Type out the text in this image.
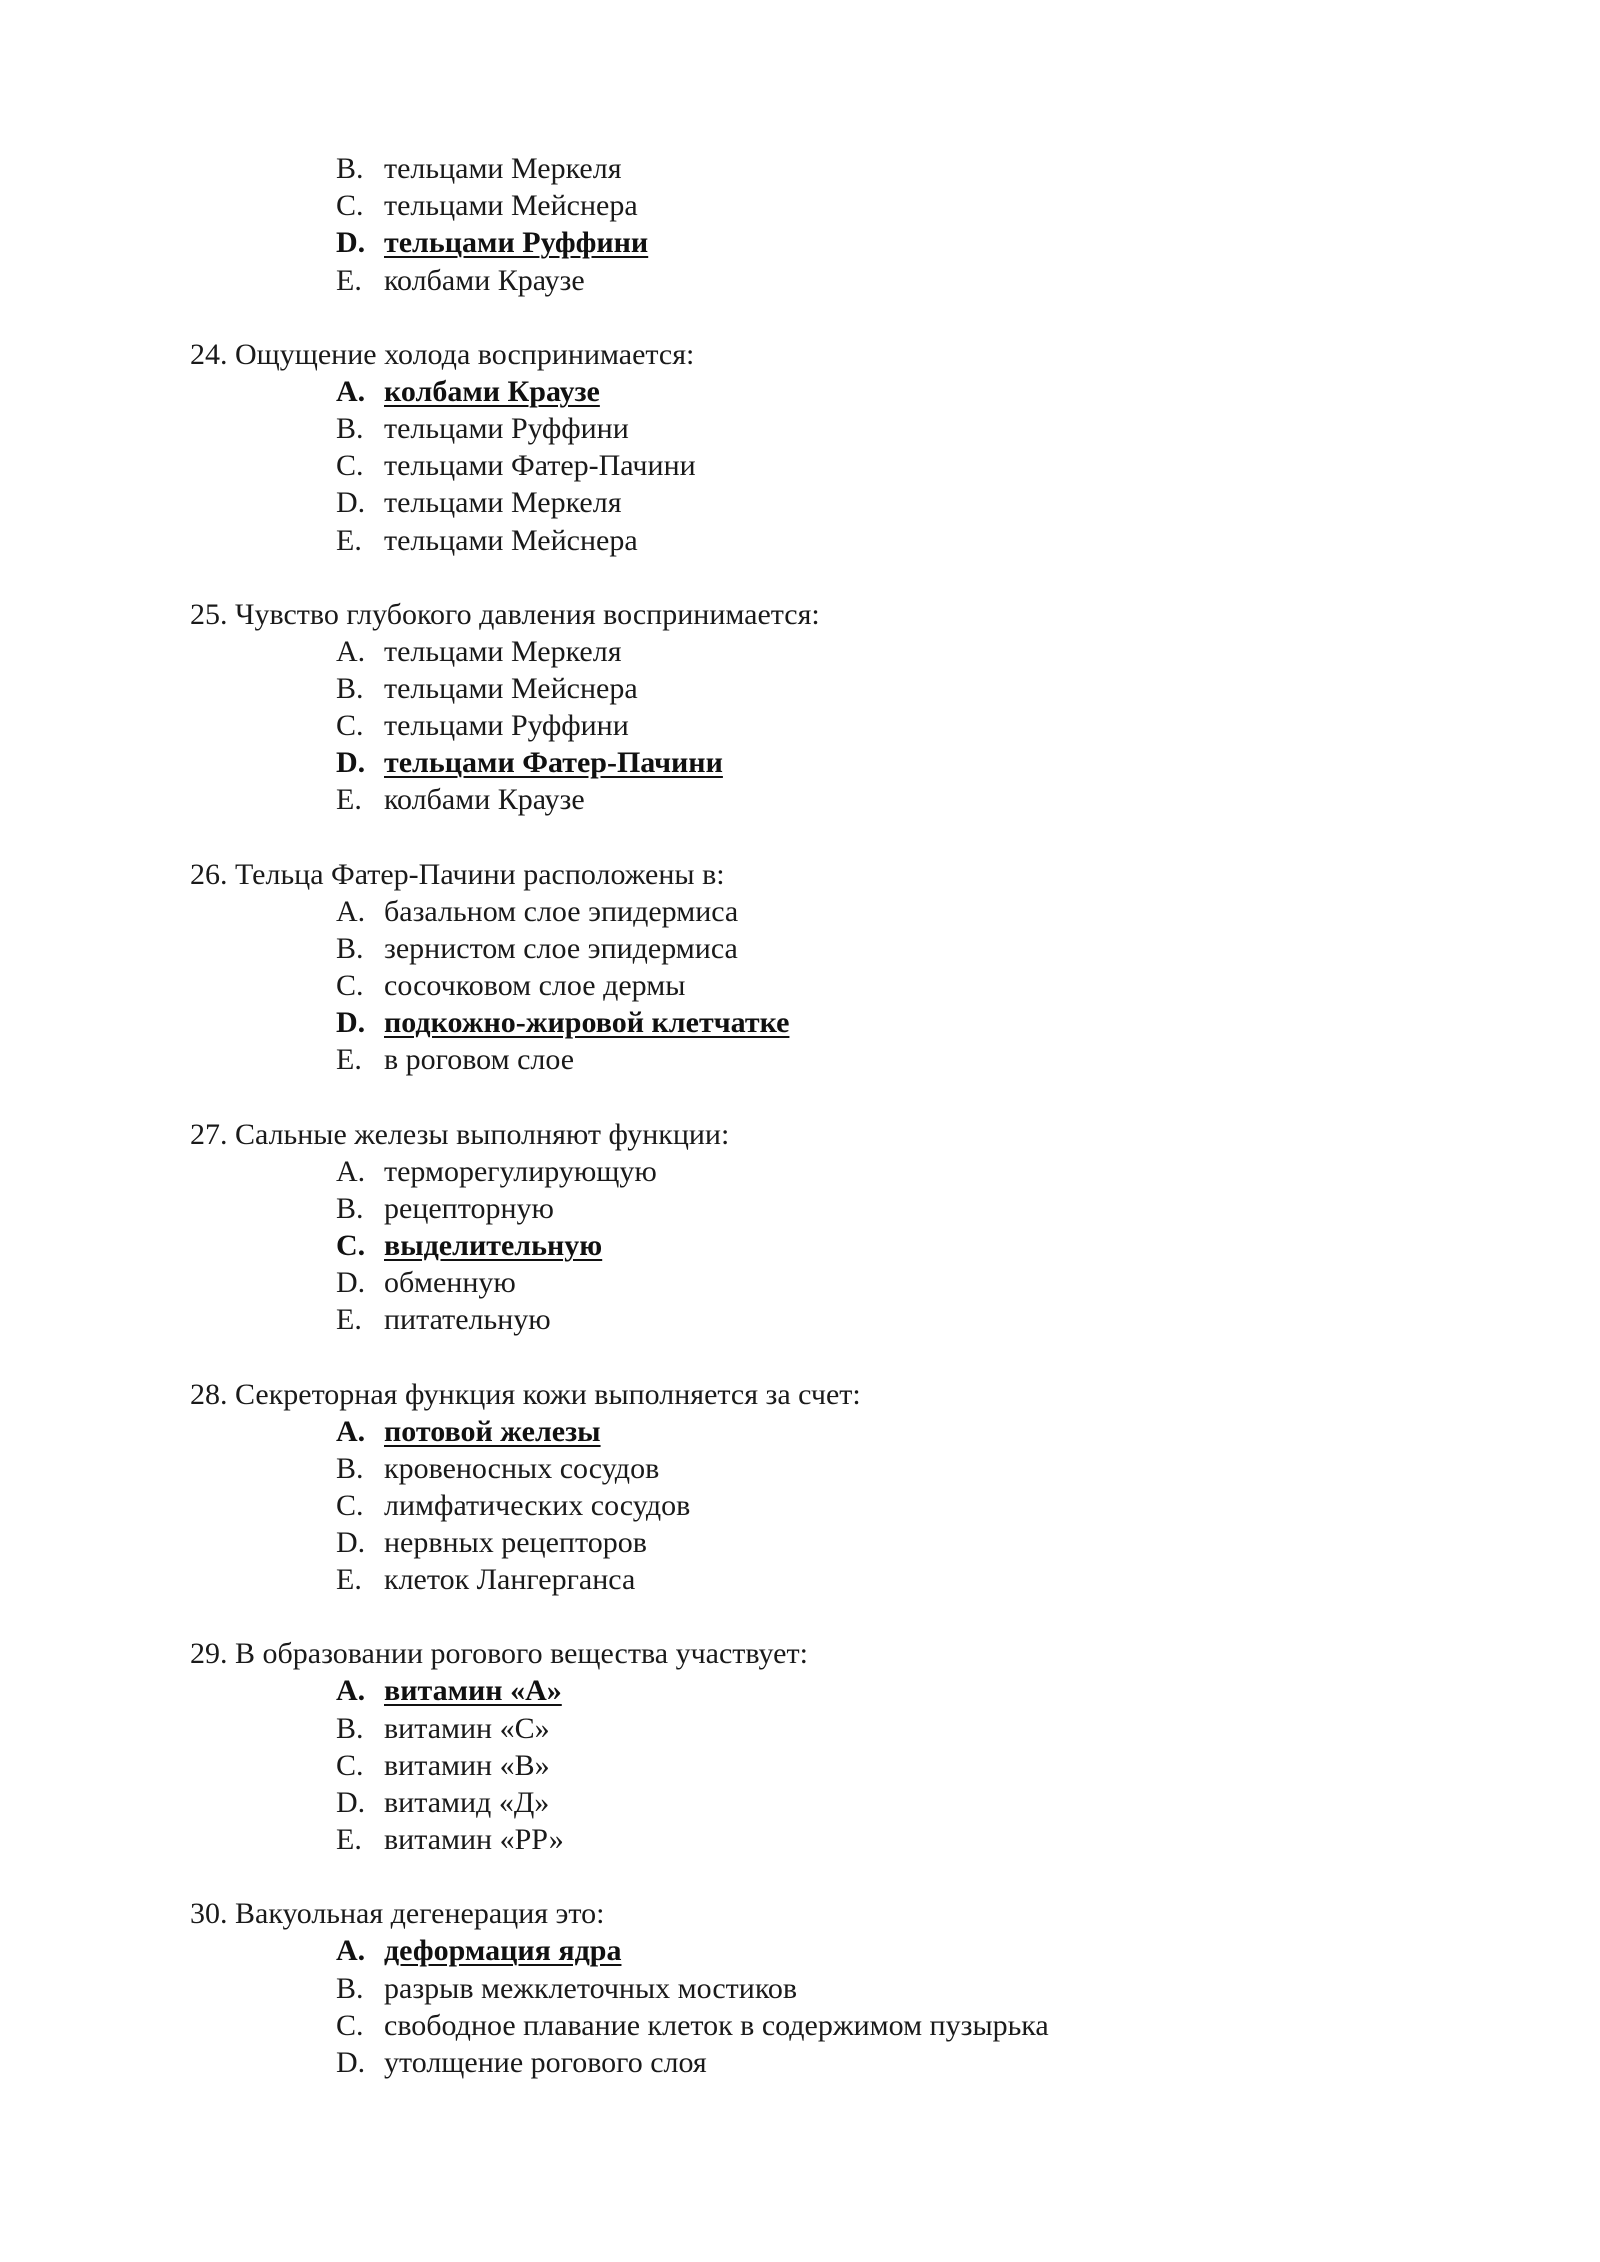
B. тельцами Меркеля
C. тельцами Мейснера
D. тельцами Руффини
E. колбами Краузе
24. Ощущение холода воспринимается:
A. колбами Краузе
B. тельцами Руффини
C. тельцами Фатер-Пачини
D. тельцами Меркеля
E. тельцами Мейснера
25. Чувство глубокого давления воспринимается:
A. тельцами Меркеля
B. тельцами Мейснера
C. тельцами Руффини
D. тельцами Фатер-Пачини
E. колбами Краузе
26. Тельца Фатер-Пачини расположены в:
A. базальном слое эпидермиса
B. зернистом слое эпидермиса
C. сосочковом слое дермы
D. подкожно-жировой клетчатке
E. в роговом слое
27. Сальные железы выполняют функции:
A. терморегулирующую
B. рецепторную
C. выделительную
D. обменную
E. питательную
28. Секреторная функция кожи выполняется за счет:
A. потовой железы
B. кровеносных сосудов
C. лимфатических сосудов
D. нервных рецепторов
E. клеток Лангерганса
29. В образовании рогового вещества участвует:
A. витамин «А»
B. витамин «С»
C. витамин «В»
D. витамид «Д»
E. витамин «РР»
30. Вакуольная дегенерация это:
A. деформация ядра
B. разрыв межклеточных мостиков
C. свободное плавание клеток в содержимом пузырька
D. утолщение рогового слоя
